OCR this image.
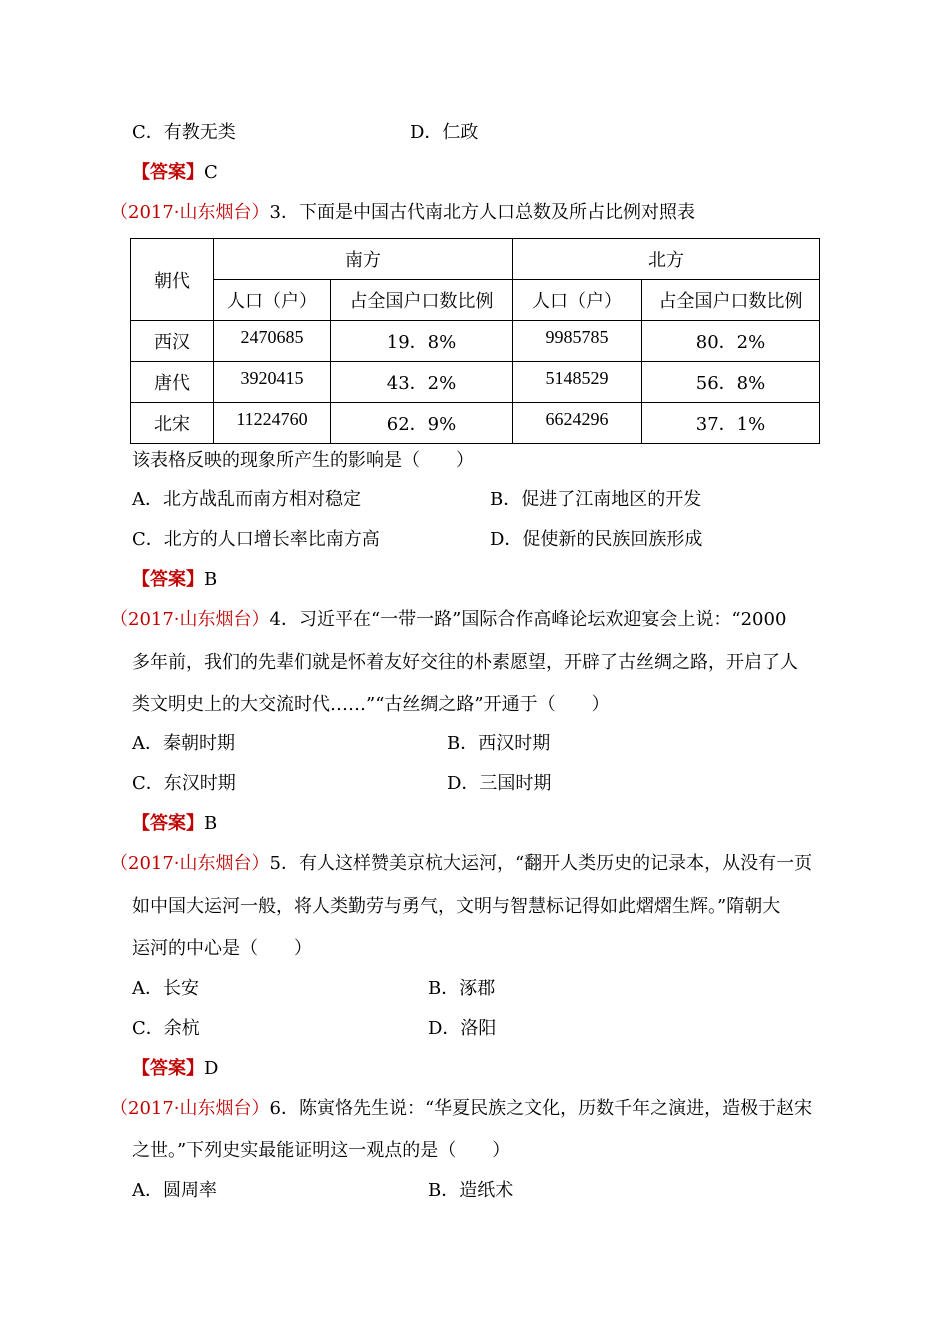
C．有教无类	D．仁政
【答案】C
（2017·山东烟台）3．下面是中国古代南北方人口总数及所占比例对照表
朝代	南方		北方	
	人口（户）	占全国户口数比例	人口（户）	占全国户口数比例
西汉	2470685	19．8%	9985785	80．2%
唐代	3920415	43．2%	5148529	56．8%
北宋	11224760	62．9%	6624296	37．1%
该表格反映的现象所产生的影响是（　　）
A．北方战乱而南方相对稳定	B．促进了江南地区的开发
C．北方的人口增长率比南方高	D．促使新的民族回族形成
【答案】B
（2017·山东烟台）4．习近平在“一带一路”国际合作高峰论坛欢迎宴会上说：“2000
多年前，我们的先辈们就是怀着友好交往的朴素愿望，开辟了古丝绸之路，开启了人
类文明史上的大交流时代……”“古丝绸之路”开通于（　　）
A．秦朝时期	B．西汉时期
C．东汉时期	D．三国时期
【答案】B
（2017·山东烟台）5．有人这样赞美京杭大运河，“翻开人类历史的记录本，从没有一页
如中国大运河一般，将人类勤劳与勇气，文明与智慧标记得如此熠熠生辉。”隋朝大
运河的中心是（　　）
A．长安	B．涿郡
C．余杭	D．洛阳
【答案】D
（2017·山东烟台）6．陈寅恪先生说：“华夏民族之文化，历数千年之演进，造极于赵宋
之世。”下列史实最能证明这一观点的是（　　）
A．圆周率	B．造纸术
